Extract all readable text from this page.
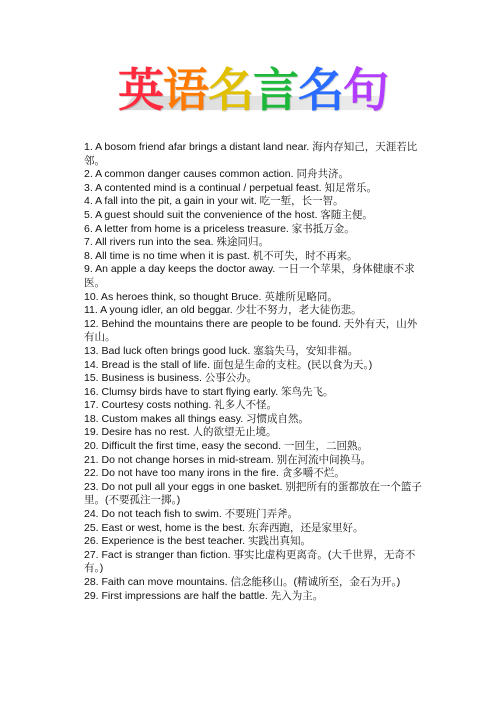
英 语 名 言 名 句

1. A bosom friend afar brings a distant land near. 海内存知己，天涯若比邻。

2. A common danger causes common action. 同舟共济。

3. A contented mind is a continual / perpetual feast. 知足常乐。

4. A fall into the pit, a gain in your wit. 吃一堑，长一智。

5. A guest should suit the convenience of the host. 客随主便。

6. A letter from home is a priceless treasure. 家书抵万金。

7. All rivers run into the sea. 殊途同归。

8. All time is no time when it is past. 机不可失，时不再来。

9. An apple a day keeps the doctor away. 一日一个苹果，身体健康不求医。

10. As heroes think, so thought Bruce. 英雄所见略同。

11. A young idler, an old beggar. 少壮不努力，老大徒伤悲。

12. Behind the mountains there are people to be found. 天外有天，山外有山。

13. Bad luck often brings good luck. 塞翁失马，安知非福。

14. Bread is the stall of life. 面包是生命的支柱。(民以食为天。)

15. Business is business. 公事公办。

16. Clumsy birds have to start flying early. 笨鸟先飞。

17. Courtesy costs nothing. 礼多人不怪。

18. Custom makes all things easy. 习惯成自然。

19. Desire has no rest. 人的欲望无止境。

20. Difficult the first time, easy the second. 一回生，二回熟。

21. Do not change horses in mid-stream. 别在河流中间换马。

22. Do not have too many irons in the fire. 贪多嚼不烂。

23. Do not pull all your eggs in one basket. 别把所有的蛋都放在一个篮子里。(不要孤注一掷。)

24. Do not teach fish to swim. 不要班门弄斧。

25. East or west, home is the best. 东奔西跑，还是家里好。

26. Experience is the best teacher. 实践出真知。

27. Fact is stranger than fiction. 事实比虚构更离奇。(大千世界，无奇不有。)

28. Faith can move mountains. 信念能移山。(精诚所至，金石为开。)

29. First impressions are half the battle. 先入为主。
